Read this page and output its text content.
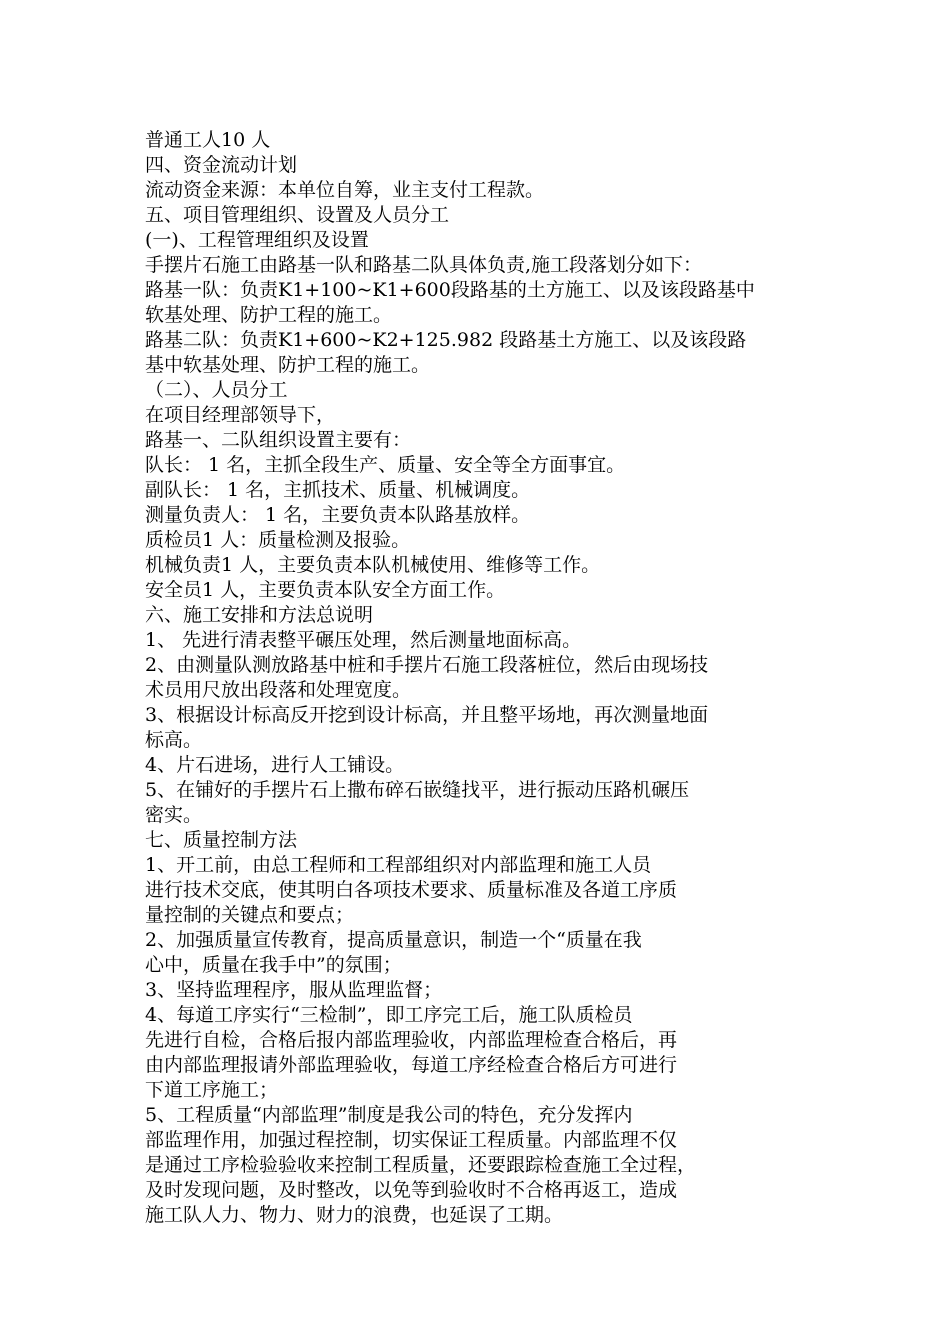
普通工人10 人
四、资金流动计划
流动资金来源：本单位自筹，业主支付工程款。
五、项目管理组织、设置及人员分工
(一)、工程管理组织及设置
手摆片石施工由路基一队和路基二队具体负责,施工段落划分如下：
路基一队：负责K1+100~K1+600段路基的土方施工、以及该段路基中
软基处理、防护工程的施工。
路基二队：负责K1+600~K2+125.982 段路基土方施工、以及该段路
基中软基处理、防护工程的施工。
（二）、人员分工
在项目经理部领导下，
路基一、二队组织设置主要有：
队长： 1 名，主抓全段生产、质量、安全等全方面事宜。
副队长： 1 名，主抓技术、质量、机械调度。
测量负责人： 1 名，主要负责本队路基放样。
质检员1 人：质量检测及报验。
机械负责1 人，主要负责本队机械使用、维修等工作。
安全员1 人，主要负责本队安全方面工作。
六、施工安排和方法总说明
1、 先进行清表整平碾压处理，然后测量地面标高。
2、由测量队测放路基中桩和手摆片石施工段落桩位，然后由现场技
术员用尺放出段落和处理宽度。
3、根据设计标高反开挖到设计标高，并且整平场地，再次测量地面
标高。
4、片石进场，进行人工铺设。
5、在铺好的手摆片石上撒布碎石嵌缝找平，进行振动压路机碾压
密实。
七、质量控制方法
1、开工前，由总工程师和工程部组织对内部监理和施工人员
进行技术交底，使其明白各项技术要求、质量标准及各道工序质
量控制的关键点和要点；
2、加强质量宣传教育，提高质量意识，制造一个“质量在我
心中，质量在我手中”的氛围；
3、坚持监理程序，服从监理监督；
4、每道工序实行“三检制”，即工序完工后，施工队质检员
先进行自检，合格后报内部监理验收，内部监理检查合格后，再
由内部监理报请外部监理验收，每道工序经检查合格后方可进行
下道工序施工；
5、工程质量“内部监理”制度是我公司的特色，充分发挥内
部监理作用，加强过程控制，切实保证工程质量。内部监理不仅
是通过工序检验验收来控制工程质量，还要跟踪检查施工全过程，
及时发现问题，及时整改，以免等到验收时不合格再返工，造成
施工队人力、物力、财力的浪费，也延误了工期。
